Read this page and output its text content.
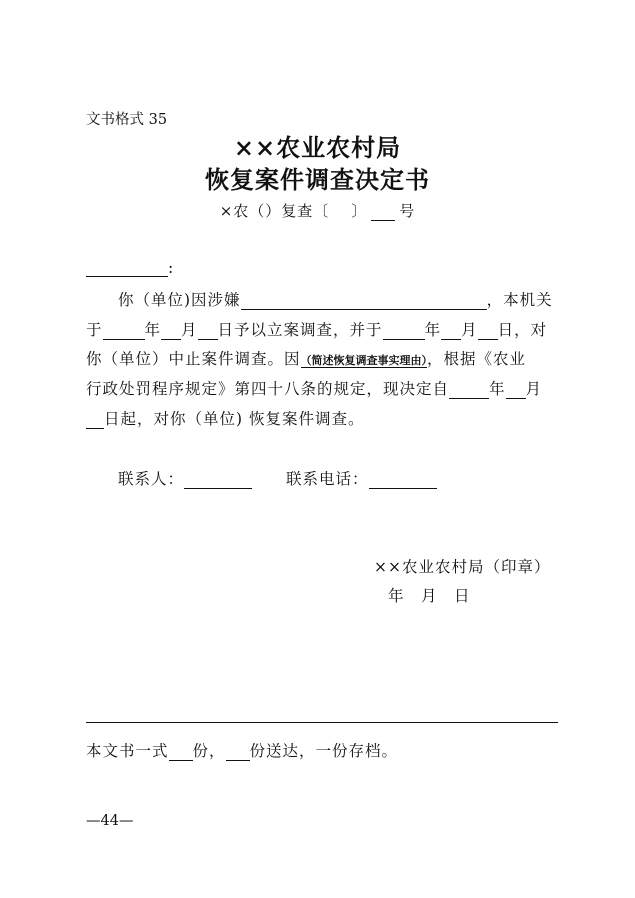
文书格式 35
××农业农村局
恢复案件调查决定书
×农（）复查〔 〕 号
:
你（单位)因涉嫌	，本机关
于	年 月 日予以立案调查，并于	年 月 日，对
你（单位）中止案件调查。因（简述恢复调查事实理由），根据《农业
行政处罚程序规定》第四十八条的规定，现决定自	年 月
日起，对你（单位) 恢复案件调查。
联系人：	联系电话：
××农业农村局（印章）
年　月　日
本文书一式 份， 份送达，一份存档。
—44—
